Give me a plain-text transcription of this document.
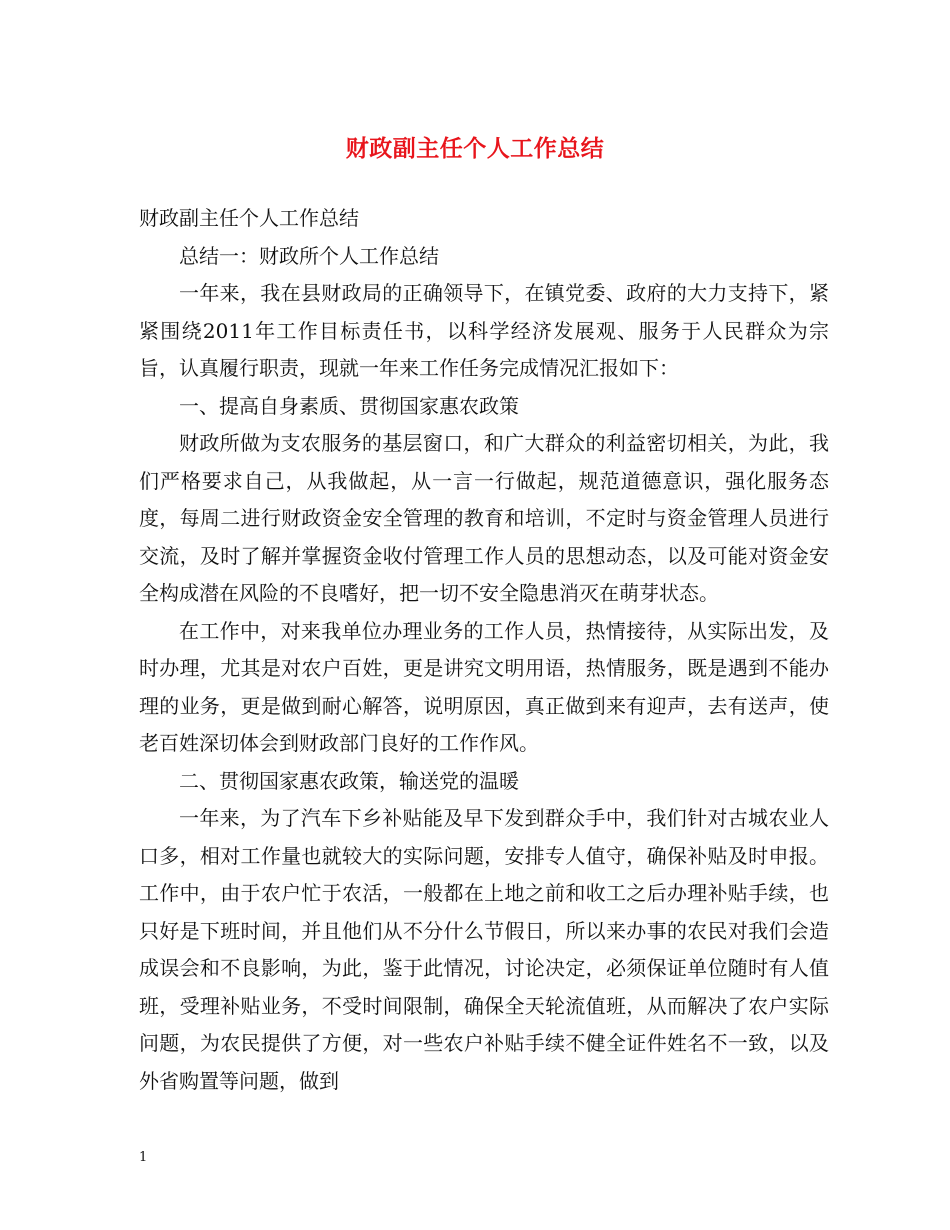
财政副主任个人工作总结

财政副主任个人工作总结

总结一：财政所个人工作总结

一年来，我在县财政局的正确领导下，在镇党委、政府的大力支持下，紧紧围绕2011年工作目标责任书，以科学经济发展观、服务于人民群众为宗旨，认真履行职责，现就一年来工作任务完成情况汇报如下：

一、提高自身素质、贯彻国家惠农政策

财政所做为支农服务的基层窗口，和广大群众的利益密切相关，为此，我们严格要求自己，从我做起，从一言一行做起，规范道德意识，强化服务态度，每周二进行财政资金安全管理的教育和培训，不定时与资金管理人员进行交流，及时了解并掌握资金收付管理工作人员的思想动态，以及可能对资金安全构成潜在风险的不良嗜好，把一切不安全隐患消灭在萌芽状态。

在工作中，对来我单位办理业务的工作人员，热情接待，从实际出发，及时办理，尤其是对农户百姓，更是讲究文明用语，热情服务，既是遇到不能办理的业务，更是做到耐心解答，说明原因，真正做到来有迎声，去有送声，使老百姓深切体会到财政部门良好的工作作风。

二、贯彻国家惠农政策，输送党的温暖

一年来，为了汽车下乡补贴能及早下发到群众手中，我们针对古城农业人口多，相对工作量也就较大的实际问题，安排专人值守，确保补贴及时申报。工作中，由于农户忙于农活，一般都在上地之前和收工之后办理补贴手续，也只好是下班时间，并且他们从不分什么节假日，所以来办事的农民对我们会造成误会和不良影响，为此，鉴于此情况，讨论决定，必须保证单位随时有人值班，受理补贴业务，不受时间限制，确保全天轮流值班，从而解决了农户实际问题，为农民提供了方便，对一些农户补贴手续不健全证件姓名不一致，以及外省购置等问题，做到

1
